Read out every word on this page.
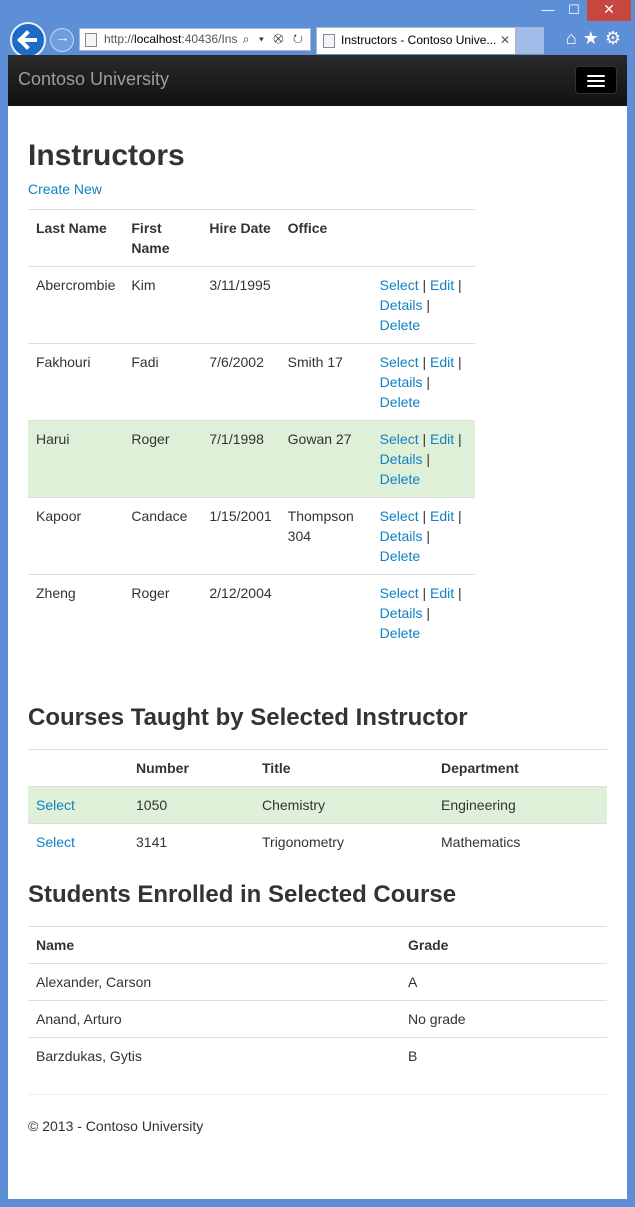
—	☐	✕
→
http://localhost:40436/Ins ⌕ ▾ ⛒ ↻	Instructors - Contoso Unive... ✕	⌂ ★ ⚙
Contoso University
Instructors
Create New
Last Name	First Name	Hire Date	Office	
Abercrombie	Kim	3/11/1995		Select | Edit |
Details |
Delete
Fakhouri	Fadi	7/6/2002	Smith 17	Select | Edit |
Details |
Delete
Harui	Roger	7/1/1998	Gowan 27	Select | Edit |
Details |
Delete
Kapoor	Candace	1/15/2001	Thompson 304	Select | Edit |
Details |
Delete
Zheng	Roger	2/12/2004		Select | Edit |
Details |
Delete
Courses Taught by Selected Instructor
	Number	Title	Department
Select	1050	Chemistry	Engineering
Select	3141	Trigonometry	Mathematics
Students Enrolled in Selected Course
Name	Grade
Alexander, Carson	A
Anand, Arturo	No grade
Barzdukas, Gytis	B

© 2013 - Contoso University
